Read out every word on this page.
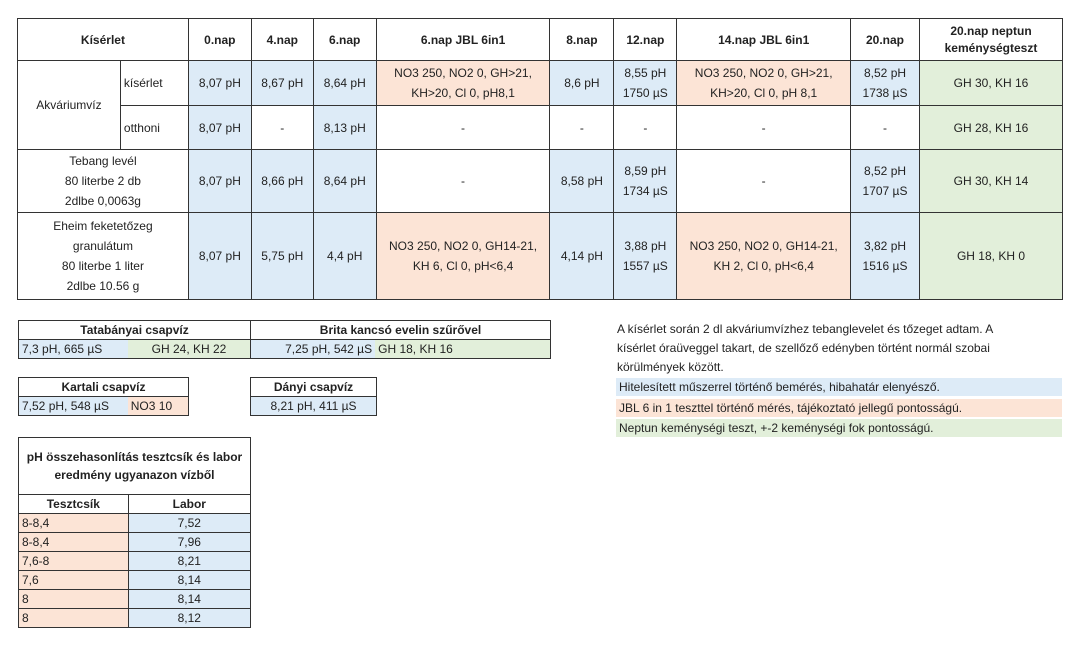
Kísérlet		0.nap	4.nap	6.nap	6.nap JBL 6in1	8.nap	12.nap	14.nap JBL 6in1	20.nap	20.nap neptun
keménységteszt
Akváriumvíz	kísérlet	8,07 pH	8,67 pH	8,64 pH	NO3 250, NO2 0, GH>21,
KH>20, Cl 0, pH8,1	8,6 pH	8,55 pH
1750 µS	NO3 250, NO2 0, GH>21,
KH>20, Cl 0, pH 8,1	8,52 pH
1738 µS	GH 30, KH 16
	otthoni	8,07 pH	-	8,13 pH	-	-	-	-	-	GH 28, KH 16
Tebang levél
80 literbe 2 db
2dlbe 0,0063g		8,07 pH	8,66 pH	8,64 pH	-	8,58 pH	8,59 pH
1734 µS	-	8,52 pH
1707 µS	GH 30, KH 14
Eheim feketetőzeg
granulátum
80 literbe 1 liter
2dlbe 10.56 g		8,07 pH	5,75 pH	4,4 pH	NO3 250, NO2 0, GH14-21,
KH 6, Cl 0, pH<6,4	4,14 pH	3,88 pH
1557 µS	NO3 250, NO2 0, GH14-21,
KH 2, Cl 0, pH<6,4	3,82 pH
1516 µS	GH 18, KH 0
Tatabányai csapvíz
7,3 pH, 665 µS	GH 24, KH 22
Brita kancsó evelin szűrővel
7,25 pH, 542 µS	GH 18, KH 16
Kartali csapvíz
7,52 pH, 548 µS	NO3 10
Dányi csapvíz
8,21 pH, 411 µS
pH összehasonlítás tesztcsík és labor
eredmény ugyanazon vízből	
Tesztcsík	Labor
8-8,4	7,52
8-8,4	7,96
7,6-8	8,21
7,6	8,14
8	8,14
8	8,12

A kísérlet során 2 dl akváriumvízhez tebanglevelet és tőzeget adtam. A
kísérlet óraüveggel takart, de szellőző edényben történt normál szobai
körülmények között.

Hitelesített műszerrel történő bemérés, hibahatár elenyésző.
JBL 6 in 1 teszttel történő mérés, tájékoztató jellegű pontosságú.
Neptun keménységi teszt, +-2 keménységi fok pontosságú.
